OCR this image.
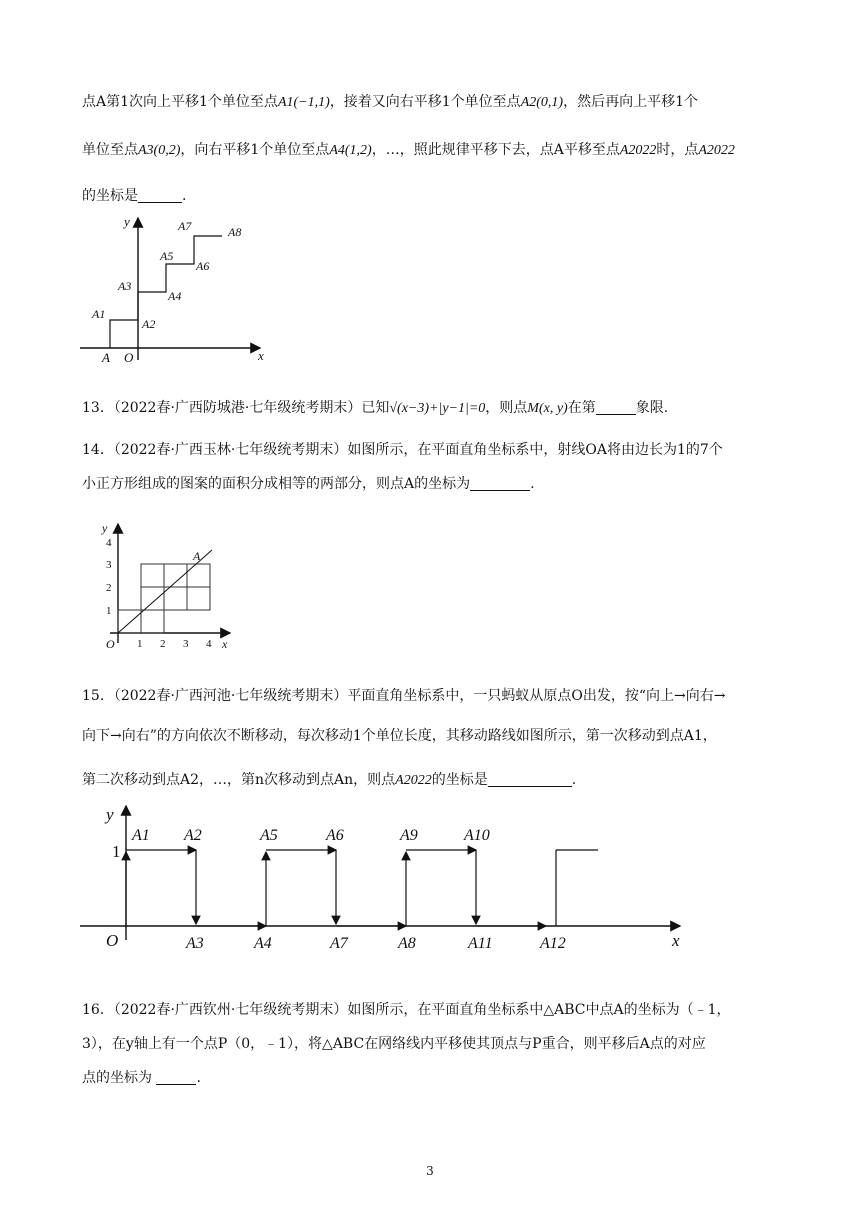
点A第1次向上平移1个单位至点A1(−1,1)，接着又向右平移1个单位至点A2(0,1)，然后再向上平移1个
单位至点A3(0,2)，向右平移1个单位至点A4(1,2)，…，照此规律平移下去，点A平移至点A2022时，点A2022
的坐标是	.
x
y
O
A
A1
A2
A3
A4
A5
A6
A7	A8
13．（2022春·广西防城港·七年级统考期末）已知√(x−3)+|y−1|=0，则点M(x, y)在第	象限.
14．（2022春·广西玉林·七年级统考期末）如图所示，在平面直角坐标系中，射线OA将由边长为1的7个
小正方形组成的图案的面积分成相等的两部分，则点A的坐标为	.
A
y
x
O 1 2 3 4
1
2
3
4
15．（2022春·广西河池·七年级统考期末）平面直角坐标系中，一只蚂蚁从原点O出发，按“向上→向右→
向下→向右”的方向依次不断移动，每次移动1个单位长度，其移动路线如图所示，第一次移动到点A1，
第二次移动到点A2，…，第n次移动到点An，则点A2022的坐标是	.
y
x
O
1
A1 A2	A5	A6	A9	A10
A3	A4	A7	A8	A11	A12
16．（2022春·广西钦州·七年级统考期末）如图所示，在平面直角坐标系中△ABC中点A的坐标为（﹣1，
3），在y轴上有一个点P（0，﹣1），将△ABC在网络线内平移使其顶点与P重合，则平移后A点的对应
点的坐标为	.
3
